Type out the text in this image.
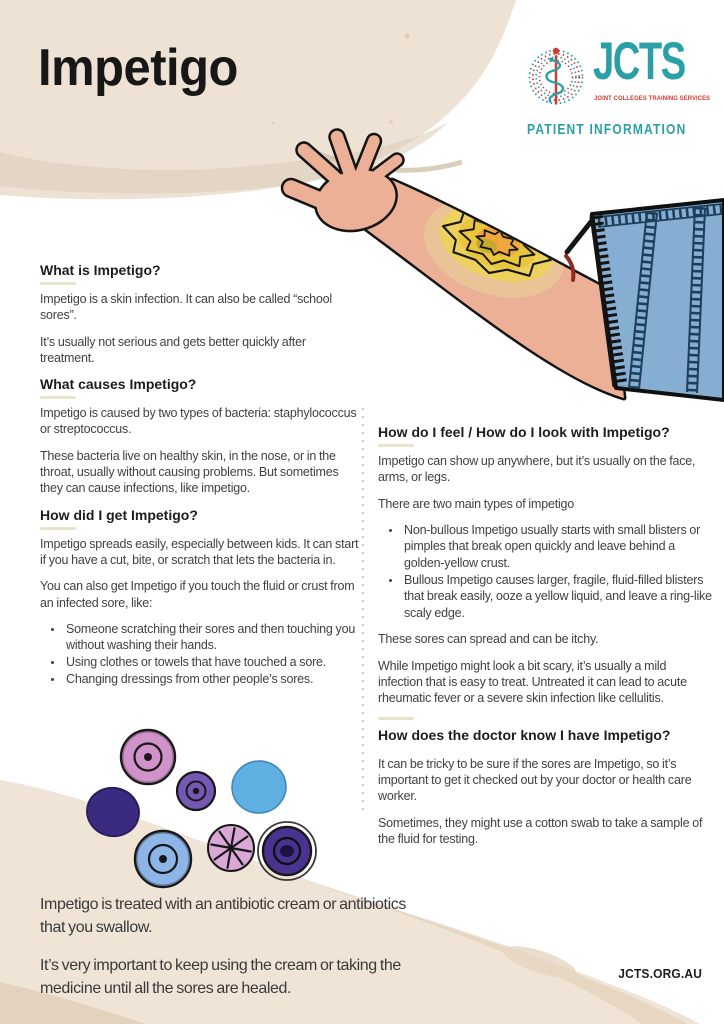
Impetigo	JCTS
JOINT COLLEGES TRAINING SERVICES
PATIENT INFORMATION
What is Impetigo?

Impetigo is a skin infection. It can also be called “school sores”.

It’s usually not serious and gets better quickly after treatment.

What causes Impetigo?

Impetigo is caused by two types of bacteria: staphylococcus or streptococcus.

These bacteria live on healthy skin, in the nose, or in the throat, usually without causing problems. But sometimes they can cause infections, like impetigo.

How did I get Impetigo?

Impetigo spreads easily, especially between kids. It can start if you have a cut, bite, or scratch that lets the bacteria in.

You can also get Impetigo if you touch the fluid or crust from an infected sore, like:

• Someone scratching their sores and then touching you without washing their hands.
• Using clothes or towels that have touched a sore.
• Changing dressings from other people’s sores.
How do I feel / How do I look with Impetigo?

Impetigo can show up anywhere, but it’s usually on the face, arms, or legs.

There are two main types of impetigo

• Non-bullous Impetigo usually starts with small blisters or pimples that break open quickly and leave behind a golden-yellow crust.
• Bullous Impetigo causes larger, fragile, fluid-filled blisters that break easily, ooze a yellow liquid, and leave a ring-like scaly edge.

These sores can spread and can be itchy.

While Impetigo might look a bit scary, it’s usually a mild infection that is easy to treat. Untreated it can lead to acute rheumatic fever or a severe skin infection like cellulitis.

How does the doctor know I have Impetigo?

It can be tricky to be sure if the sores are Impetigo, so it’s important to get it checked out by your doctor or health care worker.

Sometimes, they might use a cotton swab to take a sample of the fluid for testing.

Impetigo is treated with an antibiotic cream or antibiotics that you swallow.

It’s very important to keep using the cream or taking the medicine until all the sores are healed.

JCTS.ORG.AU
